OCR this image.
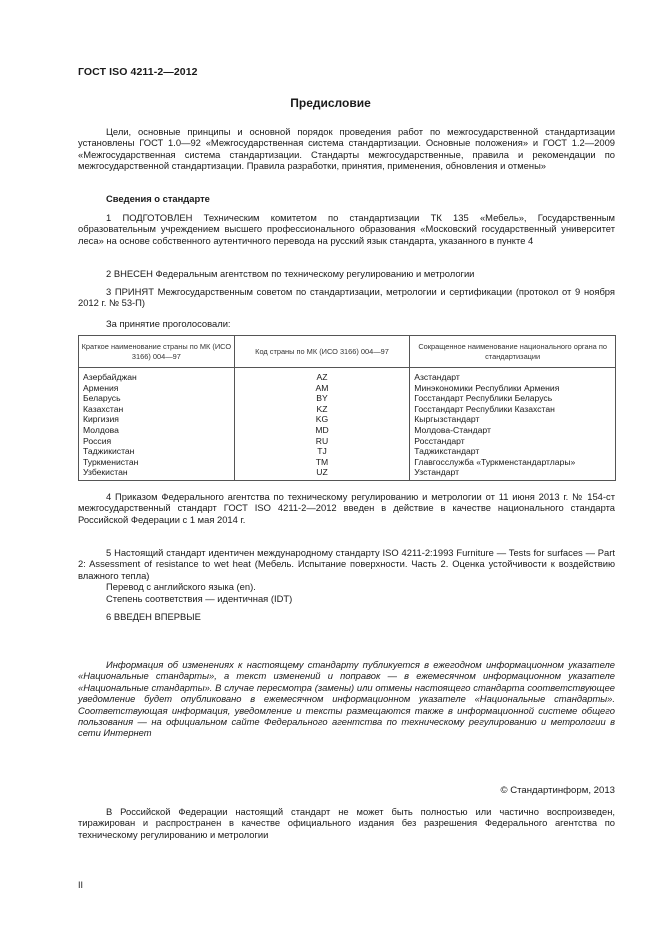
ГОСТ ISO 4211-2—2012
Предисловие
Цели, основные принципы и основной порядок проведения работ по межгосударственной стандартизации установлены ГОСТ 1.0—92 «Межгосударственная система стандартизации. Основные положения» и ГОСТ 1.2—2009 «Межгосударственная система стандартизации. Стандарты межгосударственные, правила и рекомендации по межгосударственной стандартизации. Правила разработки, принятия, применения, обновления и отмены»
Сведения о стандарте
1 ПОДГОТОВЛЕН Техническим комитетом по стандартизации ТК 135 «Мебель», Государственным образовательным учреждением высшего профессионального образования «Московский государственный университет леса» на основе собственного аутентичного перевода на русский язык стандарта, указанного в пункте 4
2 ВНЕСЕН Федеральным агентством по техническому регулированию и метрологии
3 ПРИНЯТ Межгосударственным советом по стандартизации, метрологии и сертификации (протокол от 9 ноября 2012 г. № 53-П)
За принятие проголосовали:
Краткое наименование страны по МК (ИСО 3166) 004—97	Код страны по МК (ИСО 3166) 004—97	Сокращенное наименование национального органа по стандартизации
Азербайджан	AZ	Азстандарт
Армения	AM	Минэкономики Республики Армения
Беларусь	BY	Госстандарт Республики Беларусь
Казахстан	KZ	Госстандарт Республики Казахстан
Киргизия	KG	Кыргызстандарт
Молдова	MD	Молдова-Стандарт
Россия	RU	Росстандарт
Таджикистан	TJ	Таджикстандарт
Туркменистан	TM	Главгосслужба «Туркменстандартлары»
Узбекистан	UZ	Узстандарт
4 Приказом Федерального агентства по техническому регулированию и метрологии от 11 июня 2013 г. № 154-ст межгосударственный стандарт ГОСТ ISO 4211-2—2012 введен в действие в качестве национального стандарта Российской Федерации с 1 мая 2014 г.
5 Настоящий стандарт идентичен международному стандарту ISO 4211-2:1993 Furniture — Tests for surfaces — Part 2: Assessment of resistance to wet heat (Мебель. Испытание поверхности. Часть 2. Оценка устойчивости к воздействию влажного тепла)
Перевод с английского языка (en).
Степень соответствия — идентичная (IDT)
6 ВВЕДЕН ВПЕРВЫЕ
Информация об изменениях к настоящему стандарту публикуется в ежегодном информационном указателе «Национальные стандарты», а текст изменений и поправок — в ежемесячном информационном указателе «Национальные стандарты». В случае пересмотра (замены) или отмены настоящего стандарта соответствующее уведомление будет опубликовано в ежемесячном информационном указателе «Национальные стандарты». Соответствующая информация, уведомление и тексты размещаются также в информационной системе общего пользования — на официальном сайте Федерального агентства по техническому регулированию и метрологии в сети Интернет
© Стандартинформ, 2013
В Российской Федерации настоящий стандарт не может быть полностью или частично воспроизведен, тиражирован и распространен в качестве официального издания без разрешения Федерального агентства по техническому регулированию и метрологии
II
